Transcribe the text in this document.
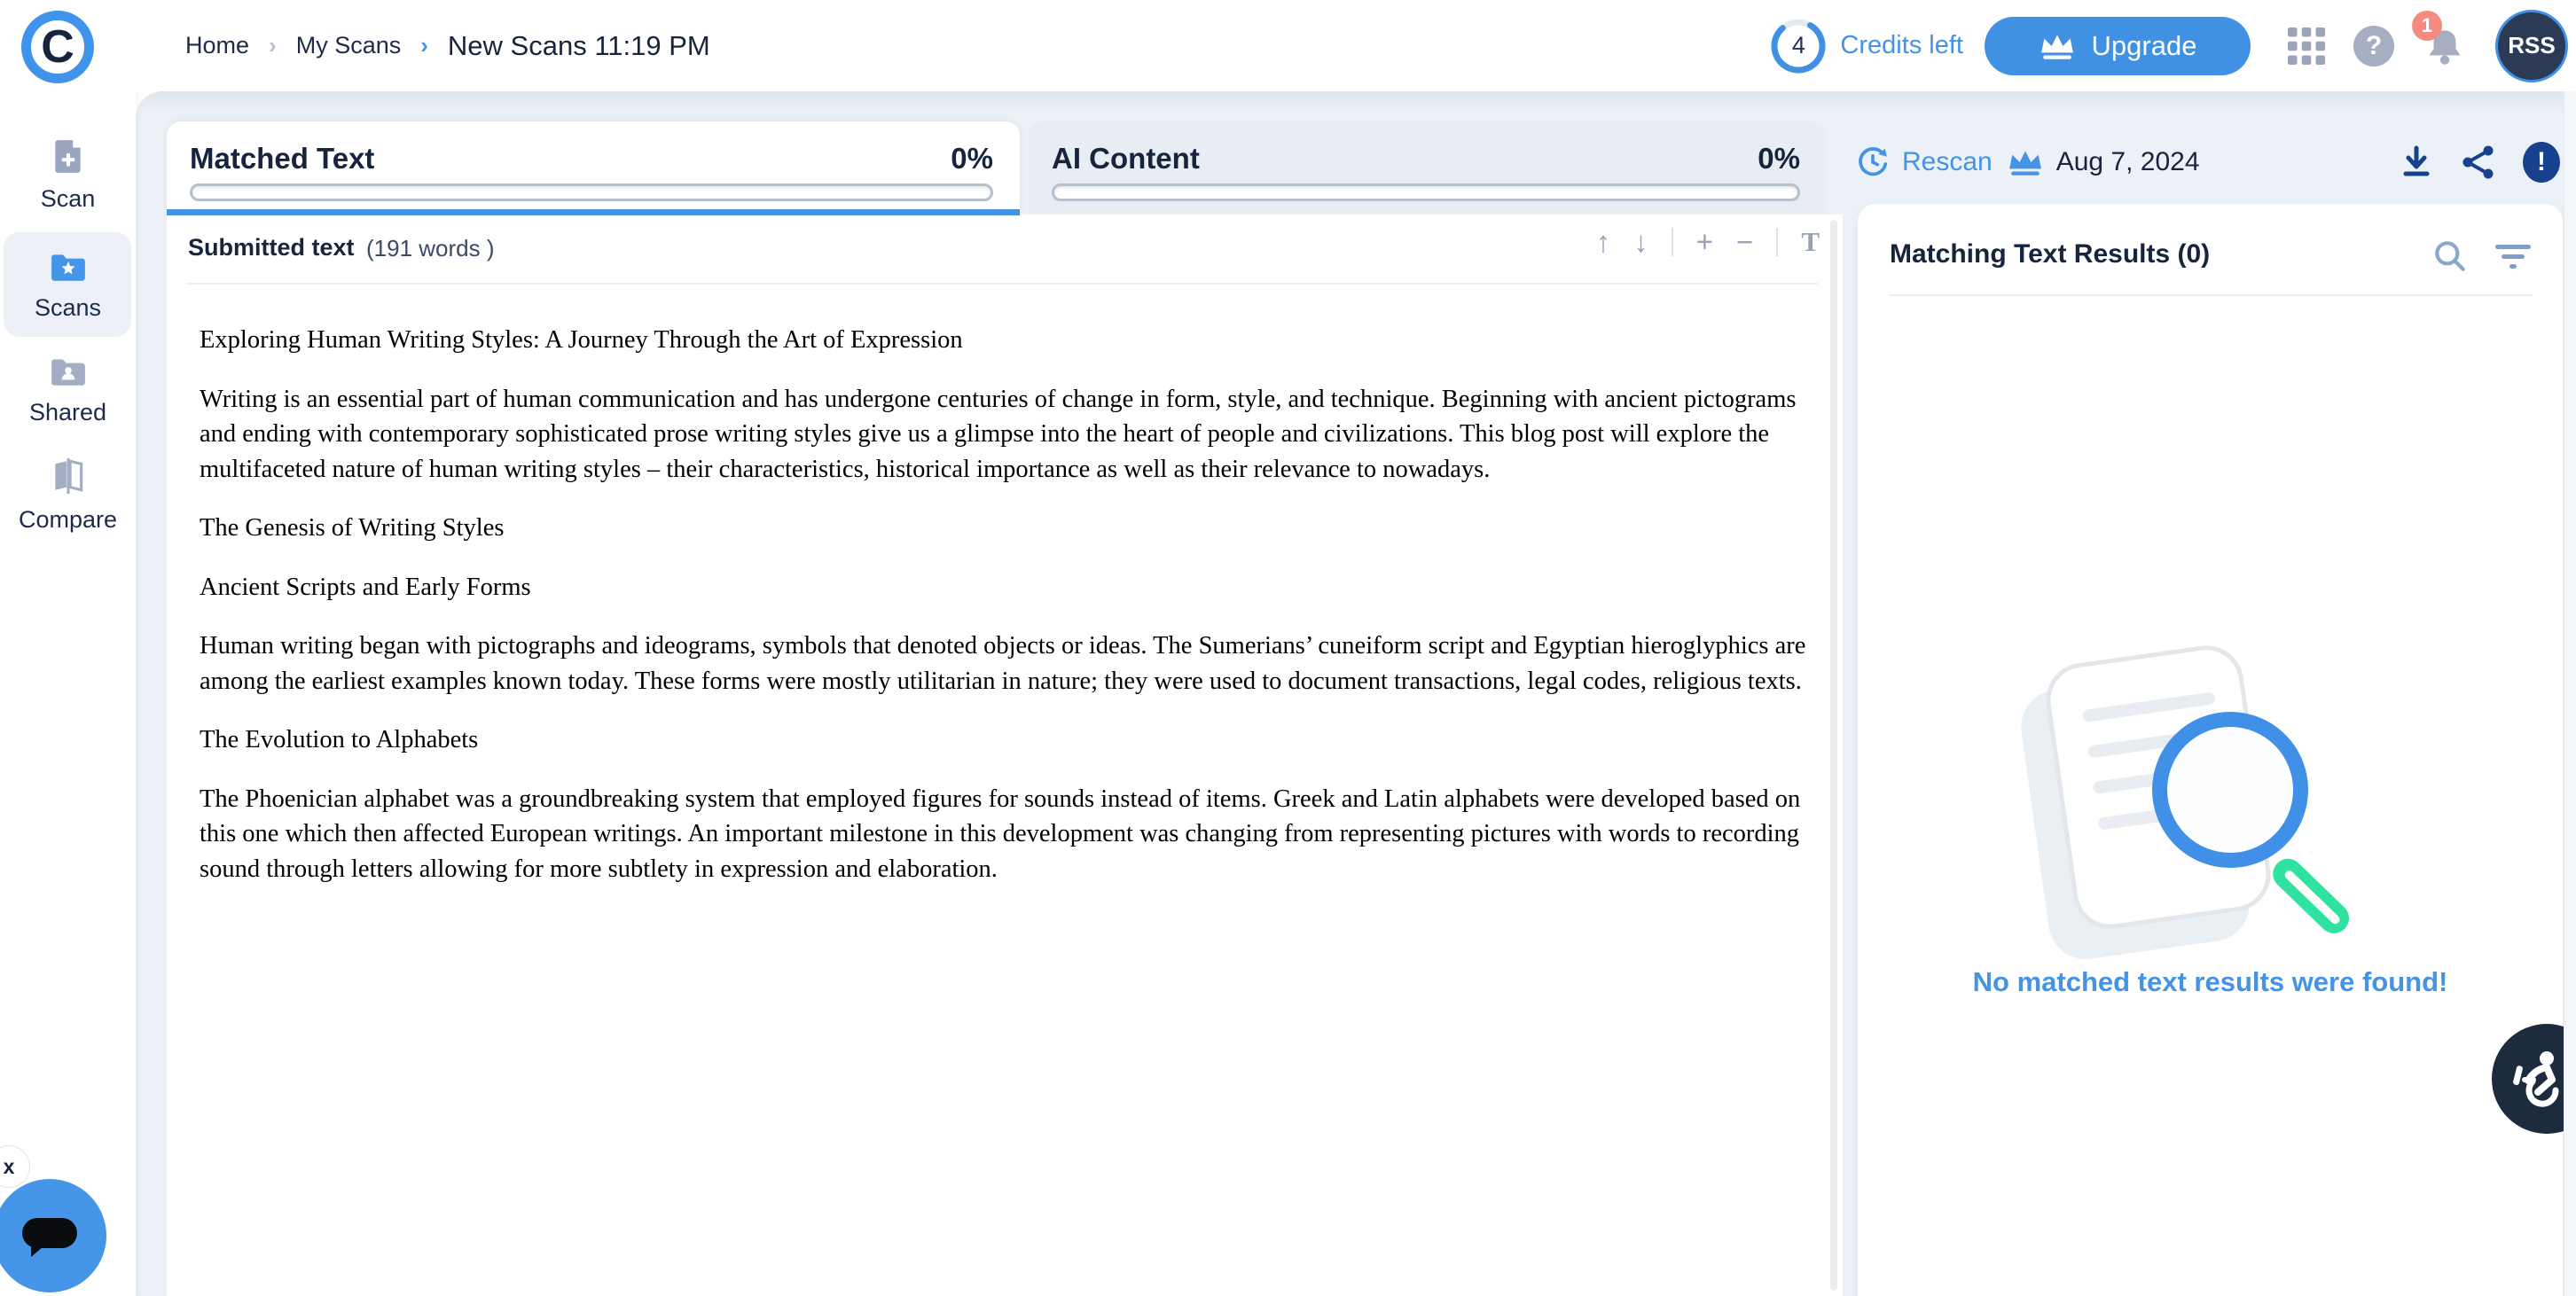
C	Home › My Scans › New Scans 11:19 PM	4	Credits left	Upgrade	?
1
RSS
Scan
Scans
Shared
Compare
Matched Text	0% AI Content	0%
Submitted text (191 words )	↑ ↓ + − T

Exploring Human Writing Styles: A Journey Through the Art of Expression

Writing is an essential part of human communication and has undergone centuries of change in form, style, and technique. Beginning with ancient pictograms and ending with contemporary sophisticated prose writing styles give us a glimpse into the heart of people and civilizations. This blog post will explore the multifaceted nature of human writing styles – their characteristics, historical importance as well as their relevance to nowadays.

The Genesis of Writing Styles

Ancient Scripts and Early Forms

Human writing began with pictographs and ideograms, symbols that denoted objects or ideas. The Sumerians’ cuneiform script and Egyptian hieroglyphics are among the earliest examples known today. These forms were mostly utilitarian in nature; they were used to document transactions, legal codes, religious texts.

The Evolution to Alphabets

The Phoenician alphabet was a groundbreaking system that employed figures for sounds instead of items. Greek and Latin alphabets were developed based on this one which then affected European writings. An important milestone in this development was changing from representing pictures with words to recording sound through letters allowing for more subtlety in expression and elaboration.

Rescan Aug 7, 2024	!
Matching Text Results (0)
No matched text results were found!
x
